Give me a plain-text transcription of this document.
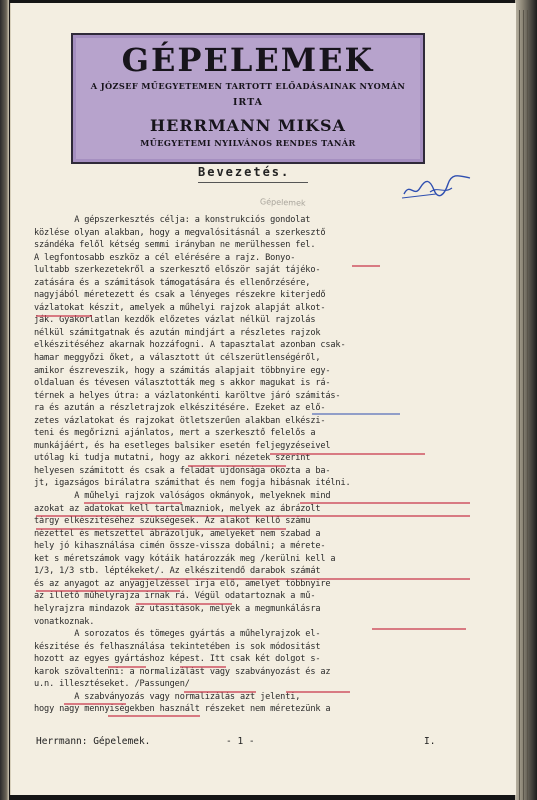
GÉPELEMEK
A JÓZSEF MŰEGYETEMEN TARTOTT ELŐADÁSAINAK NYOMÁN
IRTA
HERRMANN MIKSA
MŰEGYETEMI NYILVÁNOS RENDES TANÁR
Bevezetés.
Gépelemek
A gépszerkesztés célja: a konstrukciós gondolat
közlése olyan alakban, hogy a megvalósitásnál a szerkesztő
szándéka felől kétség semmi irányban ne merülhessen fel.
A legfontosabb eszköz a cél elérésére a rajz. Bonyo-
lultabb szerkezetekről a szerkesztő először saját tájéko-
zatására és a számitások támogatására és ellenőrzésére,
nagyjából méretezett és csak a lényeges részekre kiterjedő
vázlatokat készit, amelyek a műhelyi rajzok alapját alkot-
ják. Gyakorlatlan kezdők előzetes vázlat nélkül rajzolás
nélkül számitgatnak és azután mindjárt a részletes rajzok
elkészitéséhez akarnak hozzáfogni. A tapasztalat azonban csak-
hamar meggyőzi őket, a választott út célszerütlenségéről,
amikor észreveszik, hogy a számitás alapjait többnyire egy-
oldaluan és tévesen választották meg s akkor magukat is rá-
térnek a helyes útra: a vázlatonkénti karöltve járó számitás-
ra és azután a részletrajzok elkészitésére. Ezeket az elő-
zetes vázlatokat és rajzokat ötletszerűen alakban elkészi-
teni és megőrizni ajánlatos, mert a szerkesztő felelős a
munkájáért, és ha esetleges balsiker esetén feljegyzéseivel
utólag ki tudja mutatni, hogy az akkori nézetek szerint
helyesen számitott és csak a feladat ujdonsága okozta a ba-
jt, igazságos birálatra számithat és nem fogja hibásnak itélni.
A műhelyi rajzok valóságos okmányok, melyeknek mind
azokat az adatokat kell tartalmazniok, melyek az ábrázolt
tárgy elkészitéséhez szükségesek. Az alakot kellő számu
nézettel és metszettel ábrázoljuk, amelyeket nem szabad a
hely jó kihasználása cimén össze-vissza dobálni; a mérete-
ket s méretszámok vagy kótáik határozzák meg /kerülni kell a
1/3, 1/3 stb. léptékeket/. Az elkészitendő darabok számát
és az anyagot az anyagjelzéssel irja elő, amelyet többnyire
az illető műhelyrajza irnak rá. Végül odatartoznak a mű-
helyrajzra mindazok az utasitások, melyek a megmunkálásra
vonatkoznak.
A sorozatos és tömeges gyártás a műhelyrajzok el-
készitése és felhasználása tekintetében is sok módositást
hozott az egyes gyártáshoz képest. Itt csak két dolgot s-
karok szövaltenni: a normalizálást vagy szabványozást és az
u.n. illesztéseket. /Passungen/
A szabványozás vagy normalizálás azt jelenti,
hogy nagy mennyiségekben használt részeket nem méretezünk a
Herrmann: Gépelemek.	- 1 -	I.
